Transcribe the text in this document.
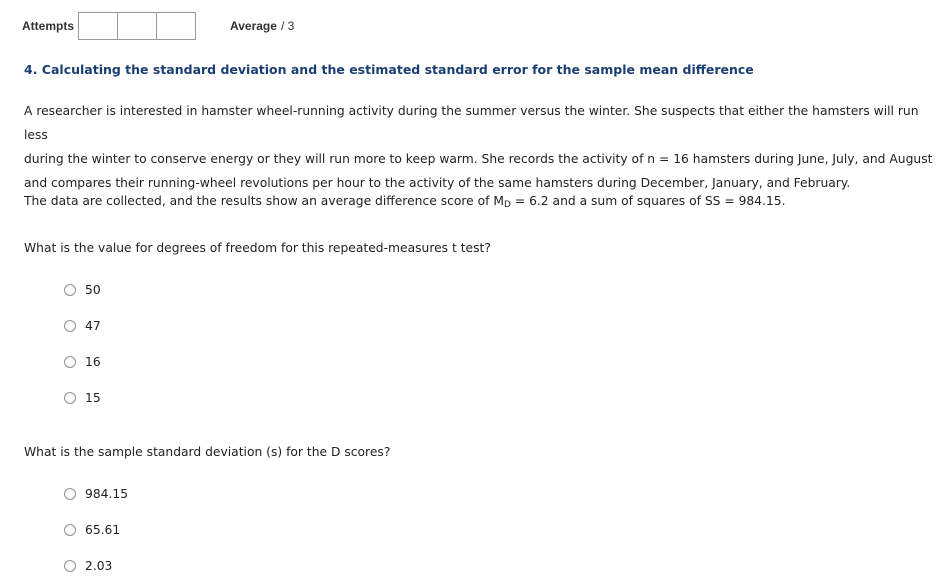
Attempts	Average / 3
4. Calculating the standard deviation and the estimated standard error for the sample mean difference
A researcher is interested in hamster wheel-running activity during the summer versus the winter. She suspects that either the hamsters will run less
during the winter to conserve energy or they will run more to keep warm. She records the activity of n = 16 hamsters during June, July, and August
and compares their running-wheel revolutions per hour to the activity of the same hamsters during December, January, and February.
The data are collected, and the results show an average difference score of $M_D = 6.2$ and a sum of squares of SS = 984.15.
What is the value for degrees of freedom for this repeated-measures t test?
50
47
16
15
What is the sample standard deviation (s) for the D scores?
984.15
65.61
2.03
